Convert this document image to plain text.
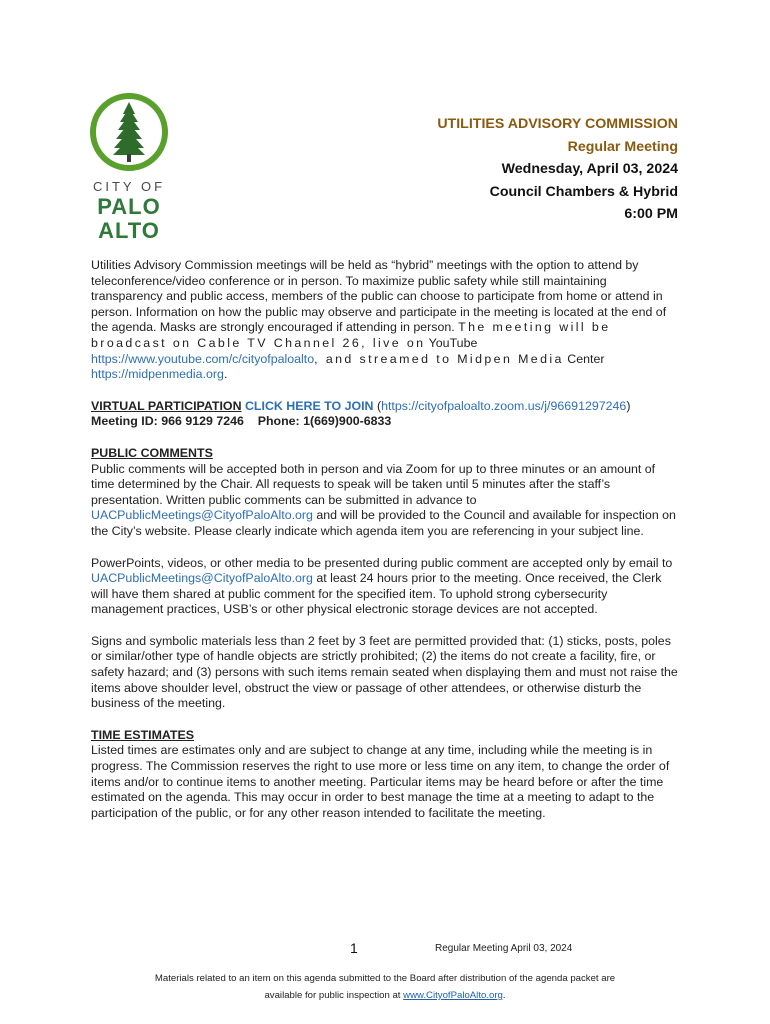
CITY OF
PALO
ALTO
UTILITIES ADVISORY COMMISSION
Regular Meeting
Wednesday, April 03, 2024
Council Chambers & Hybrid
6:00 PM

Utilities Advisory Commission meetings will be held as “hybrid” meetings with the option to attend by teleconference/video conference or in person. To maximize public safety while still maintaining transparency and public access, members of the public can choose to participate from home or attend in person. Information on how the public may observe and participate in the meeting is located at the end of the agenda. Masks are strongly encouraged if attending in person. The meeting will be broadcast on Cable TV Channel 26, live on YouTube   https://www.youtube.com/c/cityofpaloalto, and streamed to Midpen Media Center https://midpenmedia.org.

VIRTUAL PARTICIPATION CLICK HERE TO JOIN (https://cityofpaloalto.zoom.us/j/96691297246)
Meeting ID: 966 9129 7246 Phone: 1(669)900-6833

PUBLIC COMMENTS
Public comments will be accepted both in person and via Zoom for up to three minutes or an amount of time determined by the Chair. All requests to speak will be taken until 5 minutes after the staff’s presentation. Written public comments can be submitted in advance to UACPublicMeetings@CityofPaloAlto.org and will be provided to the Council and available for inspection on the City’s website. Please clearly indicate which agenda item you are referencing in your subject line.

PowerPoints, videos, or other media to be presented during public comment are accepted only by email to UACPublicMeetings@CityofPaloAlto.org at least 24 hours prior to the meeting. Once received, the Clerk will have them shared at public comment for the specified item. To uphold strong cybersecurity management practices, USB’s or other physical electronic storage devices are not accepted.

Signs and symbolic materials less than 2 feet by 3 feet are permitted provided that: (1) sticks, posts, poles or similar/other type of handle objects are strictly prohibited; (2) the items do not create a facility, fire, or safety hazard; and (3) persons with such items remain seated when displaying them and must not raise the items above shoulder level, obstruct the view or passage of other attendees, or otherwise disturb the business of the meeting.

TIME ESTIMATES
Listed times are estimates only and are subject to change at any time, including while the meeting is in progress. The Commission reserves the right to use more or less time on any item, to change the order of items and/or to continue items to another meeting. Particular items may be heard before or after the time estimated on the agenda. This may occur in order to best manage the time at a meeting to adapt to the participation of the public, or for any other reason intended to facilitate the meeting.

1	Regular Meeting April 03, 2024
Materials related to an item on this agenda submitted to the Board after distribution of the agenda packet are
available for public inspection at www.CityofPaloAlto.org.
